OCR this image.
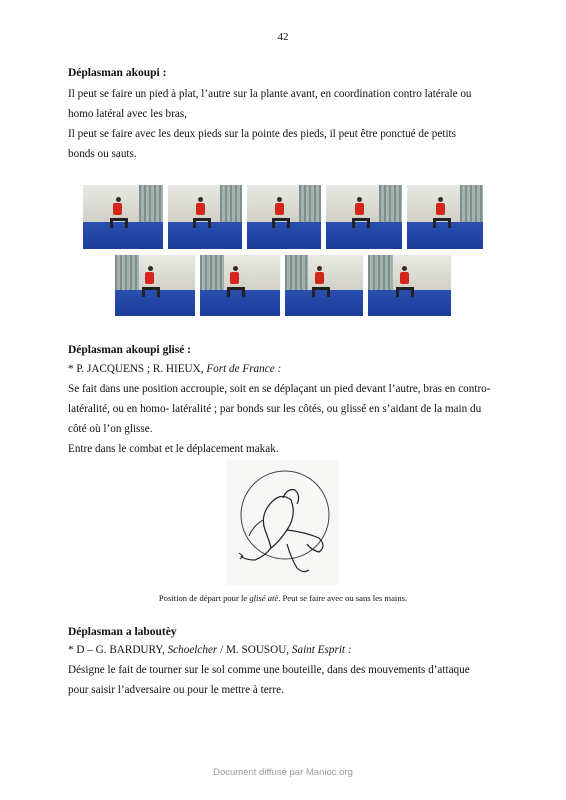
42
Déplasman akoupi :
Il peut se faire un pied à plat, l’autre sur la plante avant, en coordination contro latérale ou
homo latéral avec les bras,
Il peut se faire avec les deux pieds sur la pointe des pieds, il peut être ponctué de petits
bonds ou sauts.
Déplasman akoupi glisé :
* P. JACQUENS ; R. HIEUX, Fort de France :
Se fait dans une position accroupie, soit en se déplaçant un pied devant l’autre, bras en contro-
latéralité, ou en homo- latéralité ; par bonds sur les côtés, ou glissé en s’aidant de la main du
côté où l’on glisse.
Entre dans le combat et le déplacement makak.
Position de départ pour le glisé atè. Peut se faire avec ou sans les mains.
Déplasman a laboutèy
* D – G. BARDURY, Schoelcher / M. SOUSOU, Saint Esprit :
Désigne le fait de tourner sur le sol comme une bouteille, dans des mouvements d’attaque
pour saisir l’adversaire ou pour le mettre à terre.
Document diffusé par Manioc.org
